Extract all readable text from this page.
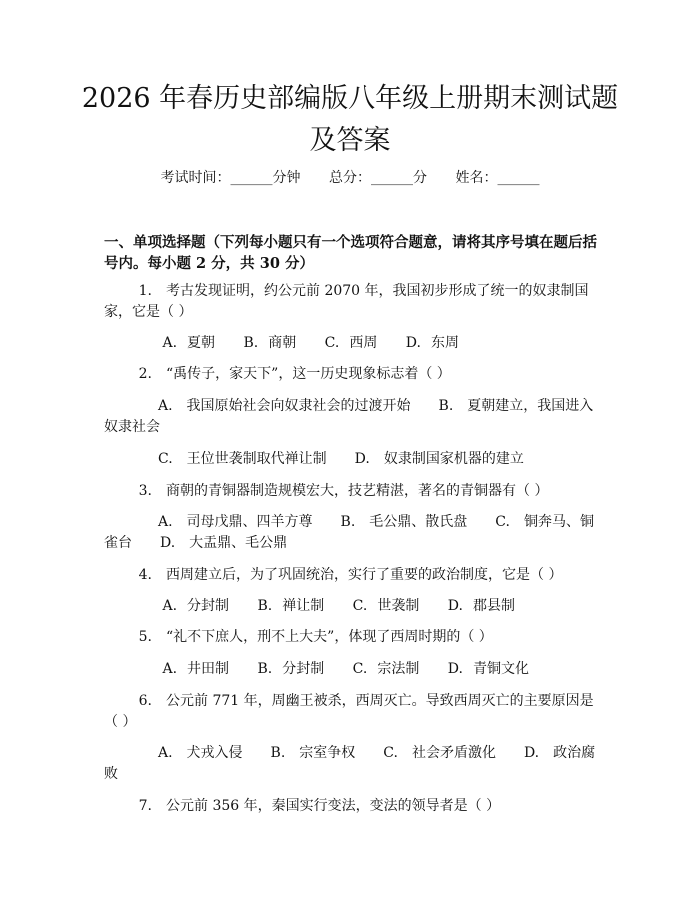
2026 年春历史部编版八年级上册期末测试题
及答案
考试时间：______分钟 总分：______分 姓名：______

一、单项选择题（下列每小题只有一个选项符合题意，请将其序号填在题后括号内。每小题 2 分，共 30 分）

1. 考古发现证明，约公元前 2070 年，我国初步形成了统一的奴隶制国家，它是（ ）
A. 夏朝 B. 商朝 C. 西周 D. 东周
2. “禹传子，家天下”，这一历史现象标志着（ ）
A.　我国原始社会向奴隶社会的过渡开始　　B.　夏朝建立，我国进入奴隶社会
C.　王位世袭制取代禅让制　　D.　奴隶制国家机器的建立
3. 商朝的青铜器制造规模宏大，技艺精湛，著名的青铜器有（ ）
A.　司母戊鼎、四羊方尊　　B.　毛公鼎、散氏盘　　C.　铜奔马、铜雀台　　D.　大盂鼎、毛公鼎
4. 西周建立后，为了巩固统治，实行了重要的政治制度，它是（ ）
A. 分封制 B. 禅让制 C. 世袭制 D. 郡县制
5. “礼不下庶人，刑不上大夫”，体现了西周时期的（ ）
A. 井田制 B. 分封制 C. 宗法制 D. 青铜文化
6. 公元前 771 年，周幽王被杀，西周灭亡。导致西周灭亡的主要原因是（ ）
A.　犬戎入侵　　B.　宗室争权　　C.　社会矛盾激化　　D.　政治腐败
7. 公元前 356 年，秦国实行变法，变法的领导者是（ ）
